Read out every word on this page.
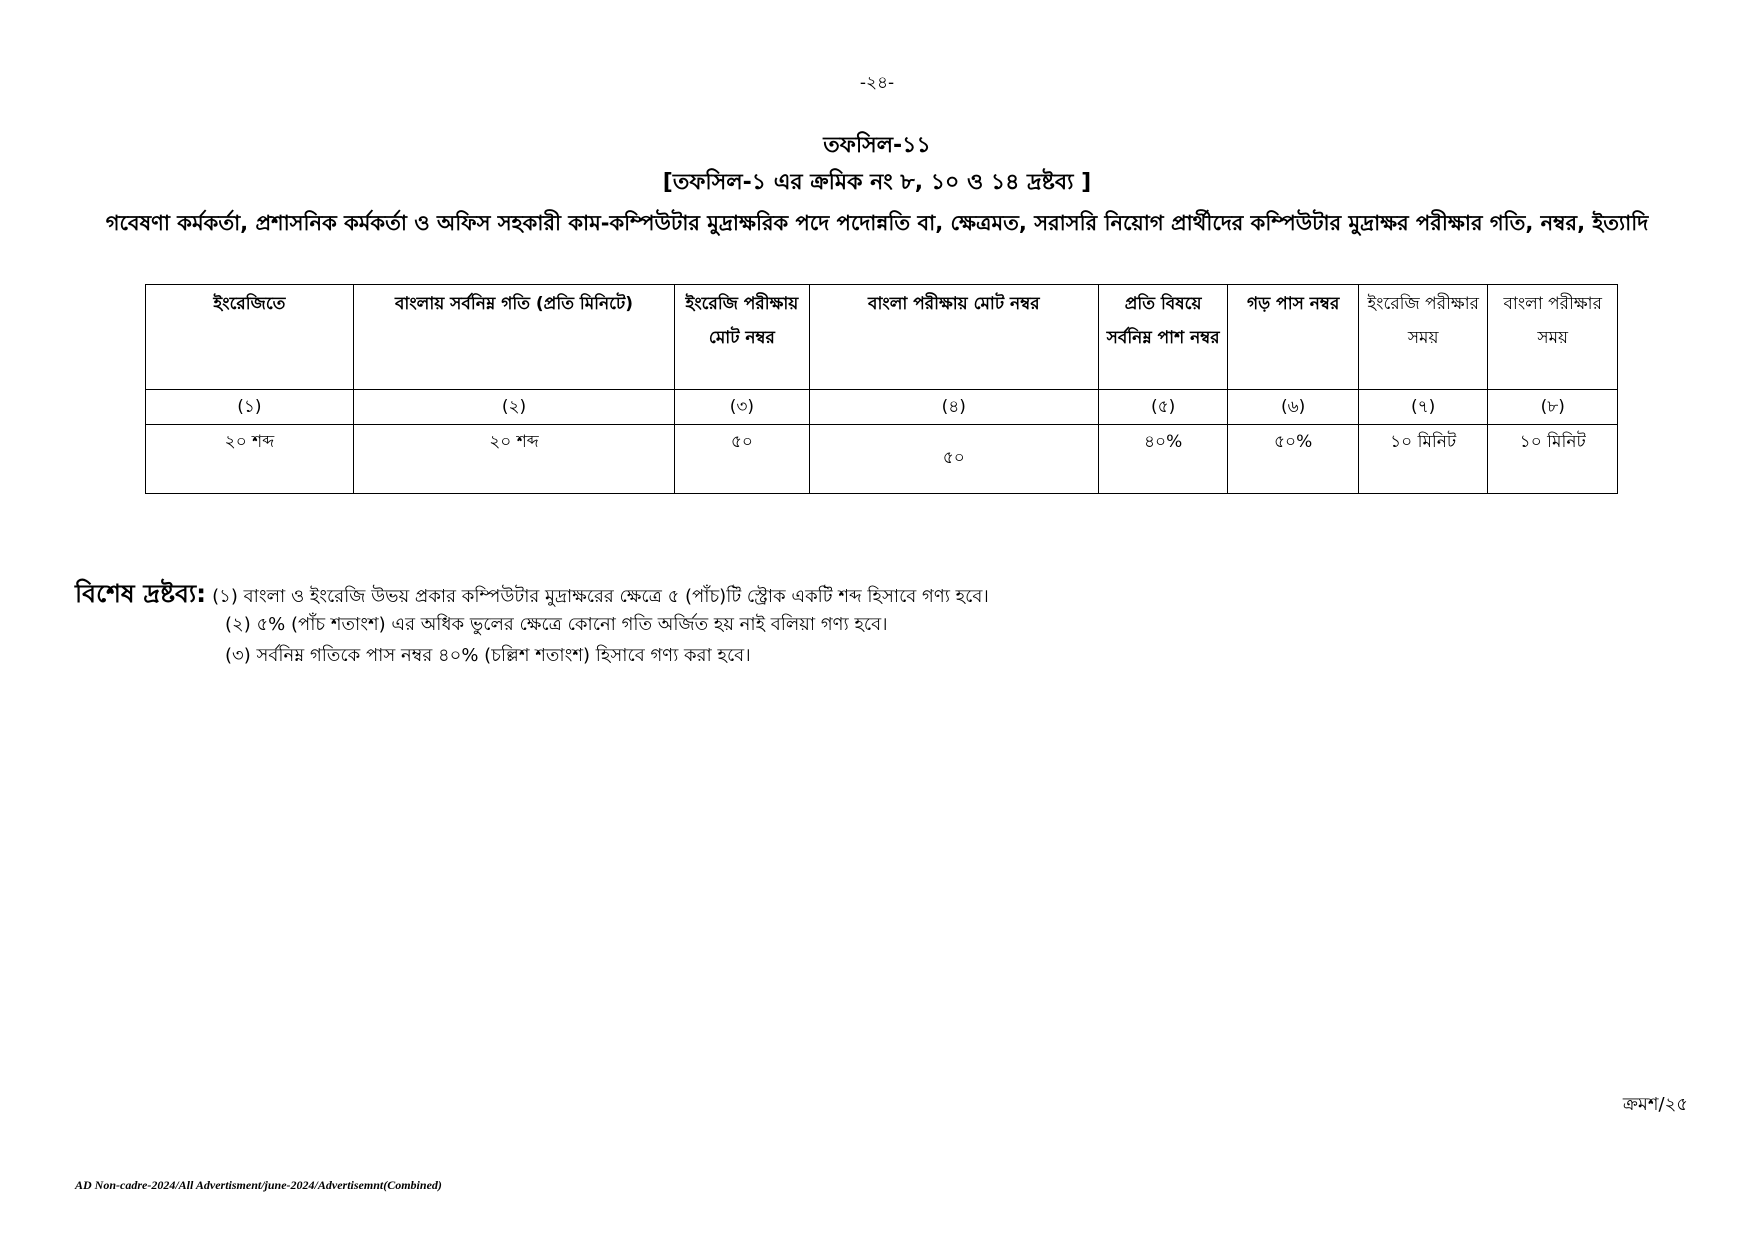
-২৪-
তফসিল-১১
[তফসিল-১ এর ক্রমিক নং ৮, ১০ ও ১৪ দ্রষ্টব্য ]
গবেষণা কর্মকর্তা, প্রশাসনিক কর্মকর্তা ও অফিস সহকারী কাম-কম্পিউটার মুদ্রাক্ষরিক পদে পদোন্নতি বা, ক্ষেত্রমত, সরাসরি নিয়োগ প্রার্থীদের কম্পিউটার মুদ্রাক্ষর পরীক্ষার গতি, নম্বর, ইত্যাদি
ইংরেজিতে	বাংলায় সর্বনিম্ন গতি (প্রতি মিনিটে)	ইংরেজি পরীক্ষায় মোট নম্বর	বাংলা পরীক্ষায় মোট নম্বর	প্রতি বিষয়ে সর্বনিম্ন পাশ নম্বর	গড় পাস নম্বর	ইংরেজি পরীক্ষার সময়	বাংলা পরীক্ষার সময়
(১)	(২)	(৩)	(৪)	(৫)	(৬)	(৭)	(৮)
২০ শব্দ	২০ শব্দ	৫০	৫০	৪০%	৫০%	১০ মিনিট	১০ মিনিট
বিশেষ দ্রষ্টব্য: (১) বাংলা ও ইংরেজি উভয় প্রকার কম্পিউটার মুদ্রাক্ষরের ক্ষেত্রে ৫ (পাঁচ)টি স্ট্রোক একটি শব্দ হিসাবে গণ্য হবে।
(২) ৫% (পাঁচ শতাংশ) এর অধিক ভুলের ক্ষেত্রে কোনো গতি অর্জিত হয় নাই বলিয়া গণ্য হবে।
(৩) সর্বনিম্ন গতিকে পাস নম্বর ৪০% (চল্লিশ শতাংশ) হিসাবে গণ্য করা হবে।
ক্রমশ/২৫
AD Non-cadre-2024/All Advertisment/june-2024/Advertisemnt(Combined)
